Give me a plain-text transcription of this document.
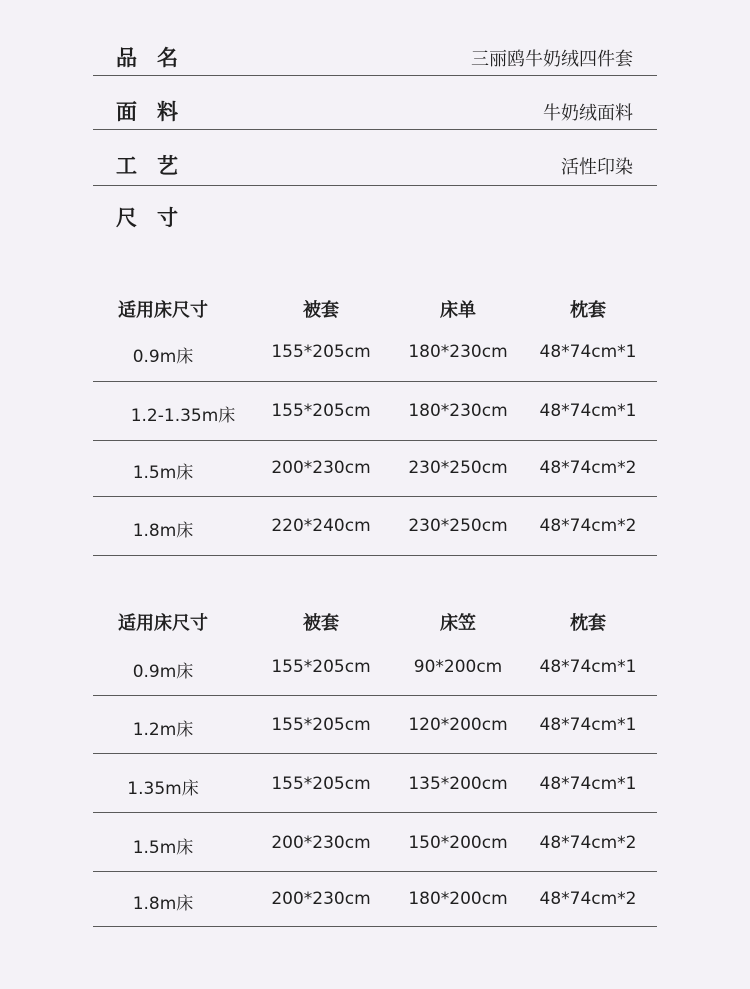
品名	三丽鸥牛奶绒四件套
面料	牛奶绒面料
工艺	活性印染
尺寸
适用床尺寸	被套	床单	枕套
0.9m床	155*205cm	180*230cm	48*74cm*1
1.2-1.35m床	155*205cm	180*230cm	48*74cm*1
1.5m床	200*230cm	230*250cm	48*74cm*2
1.8m床	220*240cm	230*250cm	48*74cm*2
适用床尺寸	被套	床笠	枕套
0.9m床	155*205cm	90*200cm	48*74cm*1
1.2m床	155*205cm	120*200cm	48*74cm*1
1.35m床	155*205cm	135*200cm	48*74cm*1
1.5m床	200*230cm	150*200cm	48*74cm*2
1.8m床	200*230cm	180*200cm	48*74cm*2
